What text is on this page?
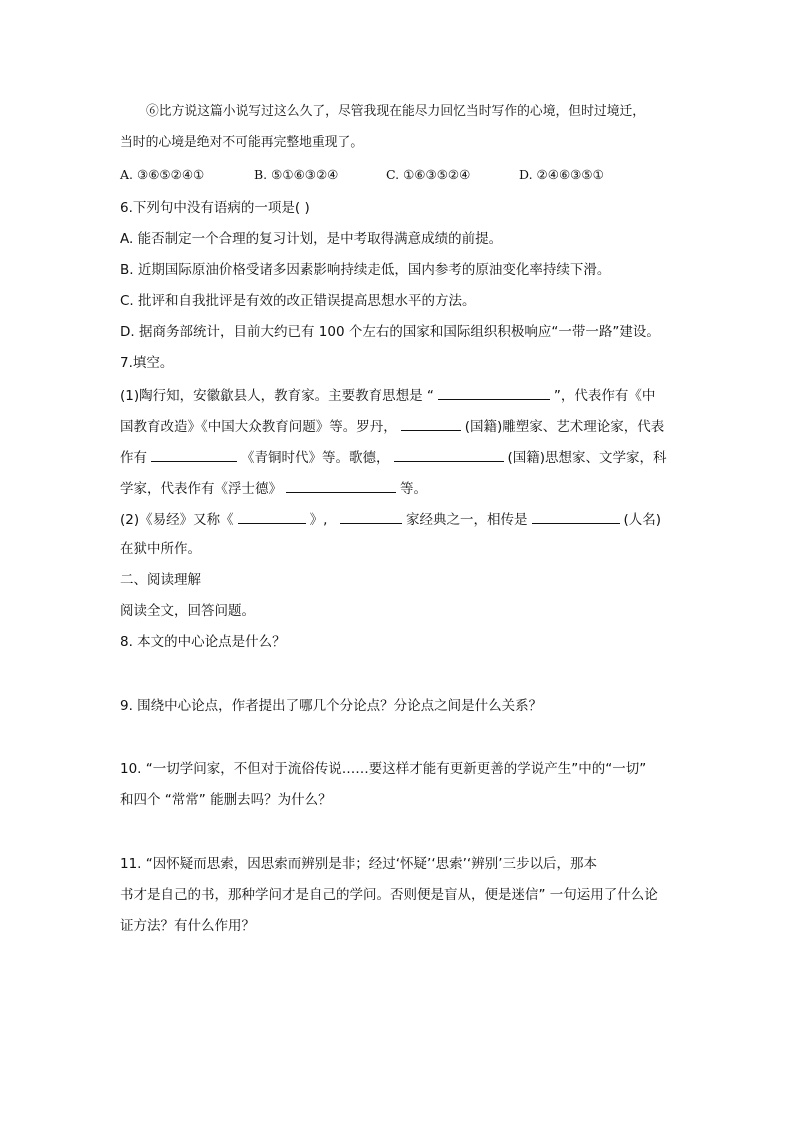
⑥比方说这篇小说写过这么久了，尽管我现在能尽力回忆当时写作的心境，但时过境迁，
当时的心境是绝对不可能再完整地重现了。
A. ③⑥⑤②④①	B. ⑤①⑥③②④	C. ①⑥③⑤②④	D. ②④⑥③⑤①
6.下列句中没有语病的一项是( )
A. 能否制定一个合理的复习计划，是中考取得满意成绩的前提。
B. 近期国际原油价格受诸多因素影响持续走低，国内参考的原油变化率持续下滑。
C. 批评和自我批评是有效的改正错误提高思想水平的方法。
D. 据商务部统计，目前大约已有 100 个左右的国家和国际组织积极响应“一带一路”建设。
7.填空。
(1)陶行知，安徽歙县人，教育家。主要教育思想是 “	”，代表作有《中
国教育改造》《中国大众教育问题》等。罗丹，	(国籍)雕塑家、艺术理论家，代表
作有	《青铜时代》等。歌德，	(国籍)思想家、文学家，科
学家，代表作有《浮士德》	等。
(2)《易经》又称《	》,	家经典之一，相传是	(人名)
在狱中所作。
二、阅读理解
阅读全文，回答问题。
8. 本文的中心论点是什么？
9. 围绕中心论点，作者提出了哪几个分论点？分论点之间是什么关系？
10. “一切学问家，不但对于流俗传说……要这样才能有更新更善的学说产生”中的“一切”
和四个 “常常” 能删去吗？为什么？
11. “因怀疑而思索，因思索而辨别是非；经过‘怀疑’‘思索’‘辨别’三步以后，那本
书才是自己的书，那种学问才是自己的学问。否则便是盲从，便是迷信” 一句运用了什么论
证方法？有什么作用？
